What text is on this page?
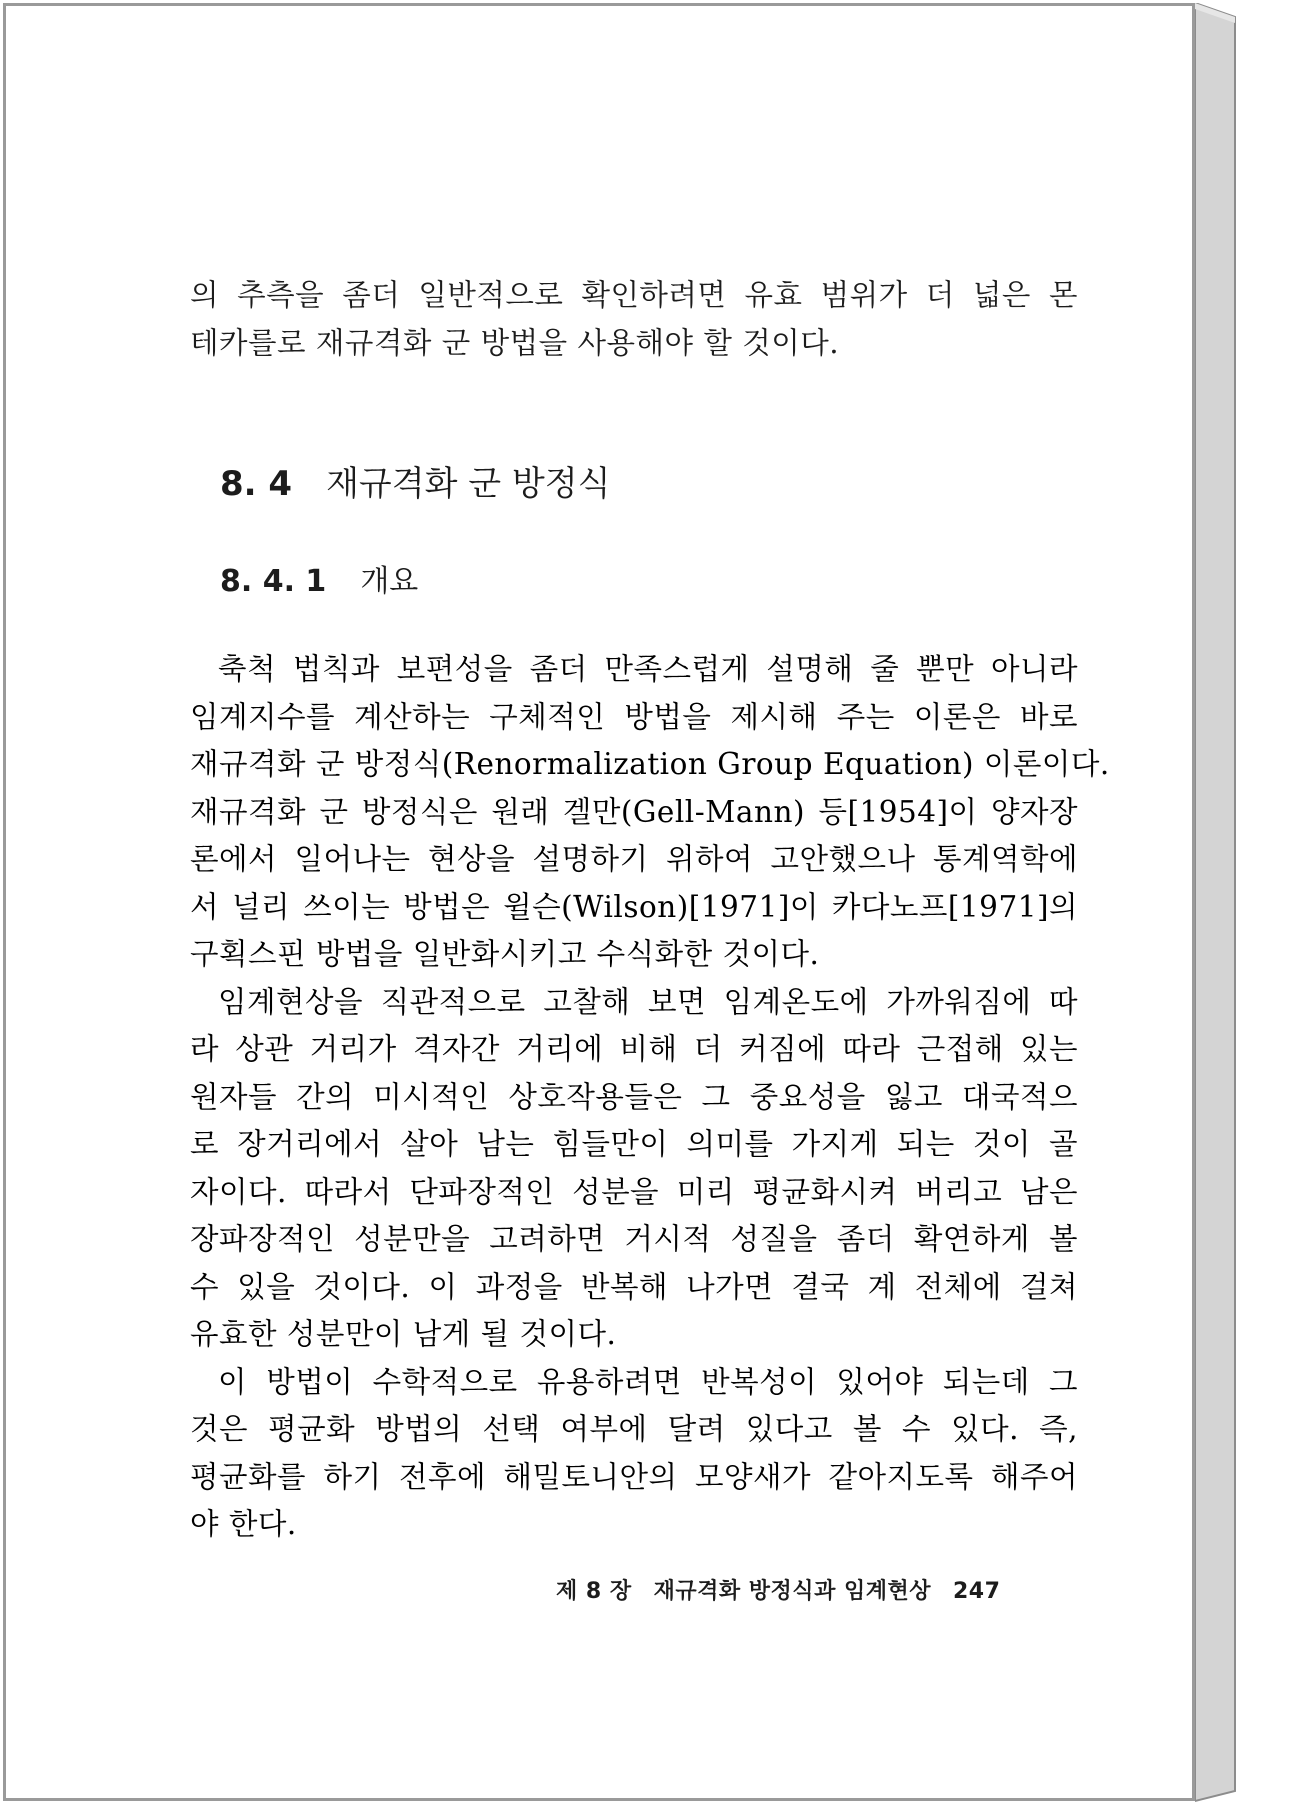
의 추측을 좀더 일반적으로 확인하려면 유효 범위가 더 넓은 몬
테카를로 재규격화 군 방법을 사용해야 할 것이다.

8. 4 재규격화 군 방정식
8. 4. 1 개요

축척 법칙과 보편성을 좀더 만족스럽게 설명해 줄 뿐만 아니라
임계지수를 계산하는 구체적인 방법을 제시해 주는 이론은 바로
재규격화 군 방정식(Renormalization Group Equation) 이론이다.
재규격화 군 방정식은 원래 겔만(Gell-Mann) 등[1954]이 양자장
론에서 일어나는 현상을 설명하기 위하여 고안했으나 통계역학에
서 널리 쓰이는 방법은 윌슨(Wilson)[1971]이 카다노프[1971]의
구획스핀 방법을 일반화시키고 수식화한 것이다.

임계현상을 직관적으로 고찰해 보면 임계온도에 가까워짐에 따
라 상관 거리가 격자간 거리에 비해 더 커짐에 따라 근접해 있는
원자들 간의 미시적인 상호작용들은 그 중요성을 잃고 대국적으
로 장거리에서 살아 남는 힘들만이 의미를 가지게 되는 것이 골
자이다. 따라서 단파장적인 성분을 미리 평균화시켜 버리고 남은
장파장적인 성분만을 고려하면 거시적 성질을 좀더 확연하게 볼
수 있을 것이다. 이 과정을 반복해 나가면 결국 계 전체에 걸쳐
유효한 성분만이 남게 될 것이다.

이 방법이 수학적으로 유용하려면 반복성이 있어야 되는데 그
것은 평균화 방법의 선택 여부에 달려 있다고 볼 수 있다. 즉,
평균화를 하기 전후에 해밀토니안의 모양새가 같아지도록 해주어
야 한다.

제 8 장 재규격화 방정식과 임계현상 247
